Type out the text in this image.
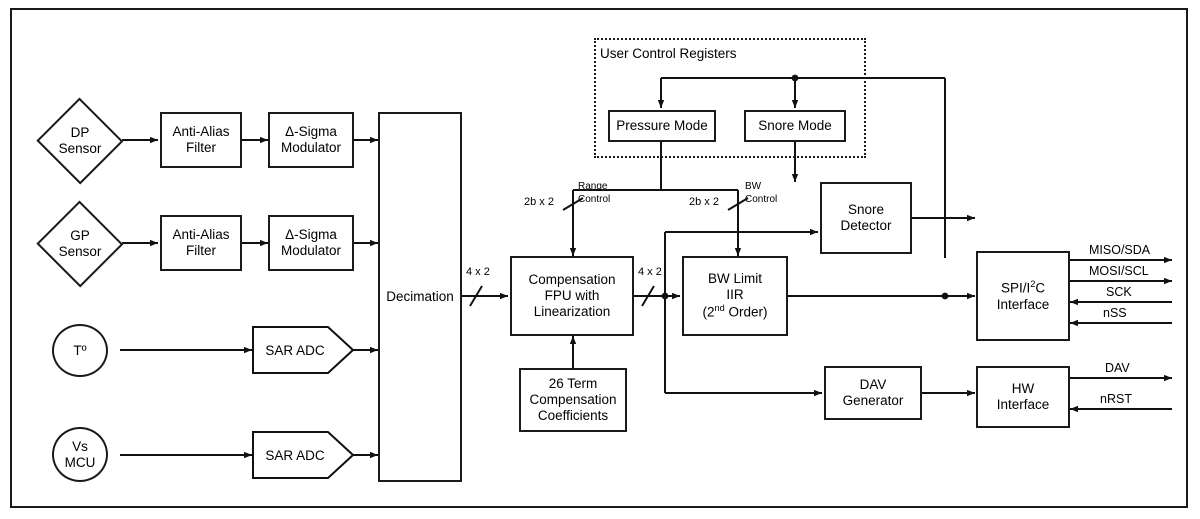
User Control Registers
DP
Sensor
GP
Sensor
Tº
Vs
MCU
Anti-Alias
Filter
Δ-Sigma
Modulator
Anti-Alias
Filter
Δ-Sigma
Modulator
SAR ADC
SAR ADC
Decimation
Compensation
FPU with
Linearization
26 Term
Compensation
Coefficients
BW Limit
IIR
(2nd Order)
Pressure Mode	Snore Mode
Snore
Detector
SPI/$I^2C$
Interface
DAV
Generator
HW
Interface
4 x 2	4 x 2
2b x 2	2b x 2
Range
Control
BW
Control
MISO/SDA
MOSI/SCL
SCK
nSS
DAV
nRST
